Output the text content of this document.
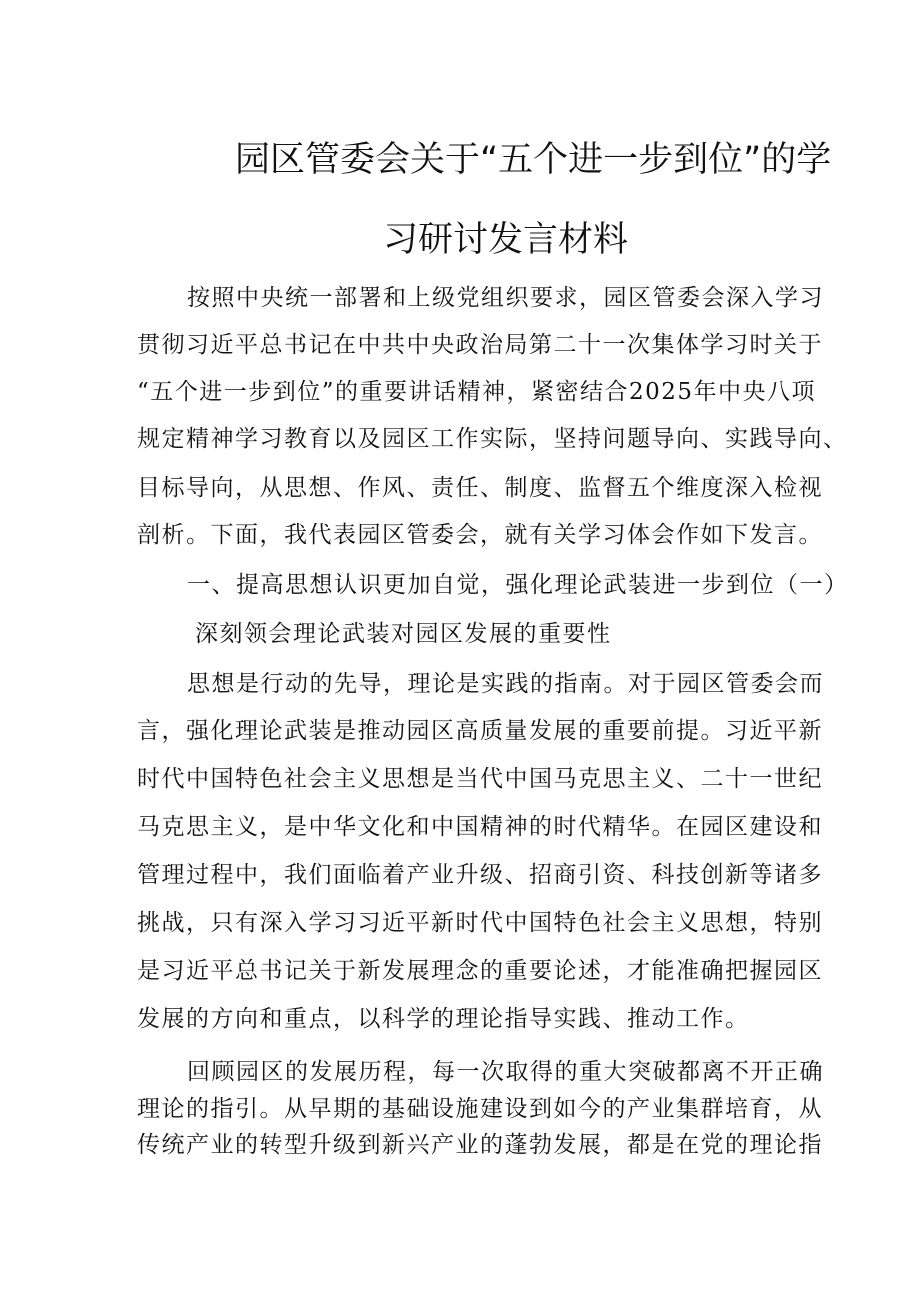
园区管委会关于“五个进一步到位”的学
习研讨发言材料
按照中央统一部署和上级党组织要求，园区管委会深入学习
贯彻习近平总书记在中共中央政治局第二十一次集体学习时关于
“五个进一步到位”的重要讲话精神，紧密结合2025年中央八项
规定精神学习教育以及园区工作实际，坚持问题导向、实践导向、
目标导向，从思想、作风、责任、制度、监督五个维度深入检视
剖析。下面，我代表园区管委会，就有关学习体会作如下发言。
一、提高思想认识更加自觉，强化理论武装进一步到位（一）
深刻领会理论武装对园区发展的重要性
思想是行动的先导，理论是实践的指南。对于园区管委会而
言，强化理论武装是推动园区高质量发展的重要前提。习近平新
时代中国特色社会主义思想是当代中国马克思主义、二十一世纪
马克思主义，是中华文化和中国精神的时代精华。在园区建设和
管理过程中，我们面临着产业升级、招商引资、科技创新等诸多
挑战，只有深入学习习近平新时代中国特色社会主义思想，特别
是习近平总书记关于新发展理念的重要论述，才能准确把握园区
发展的方向和重点，以科学的理论指导实践、推动工作。
回顾园区的发展历程，每一次取得的重大突破都离不开正确
理论的指引。从早期的基础设施建设到如今的产业集群培育，从
传统产业的转型升级到新兴产业的蓬勃发展，都是在党的理论指
